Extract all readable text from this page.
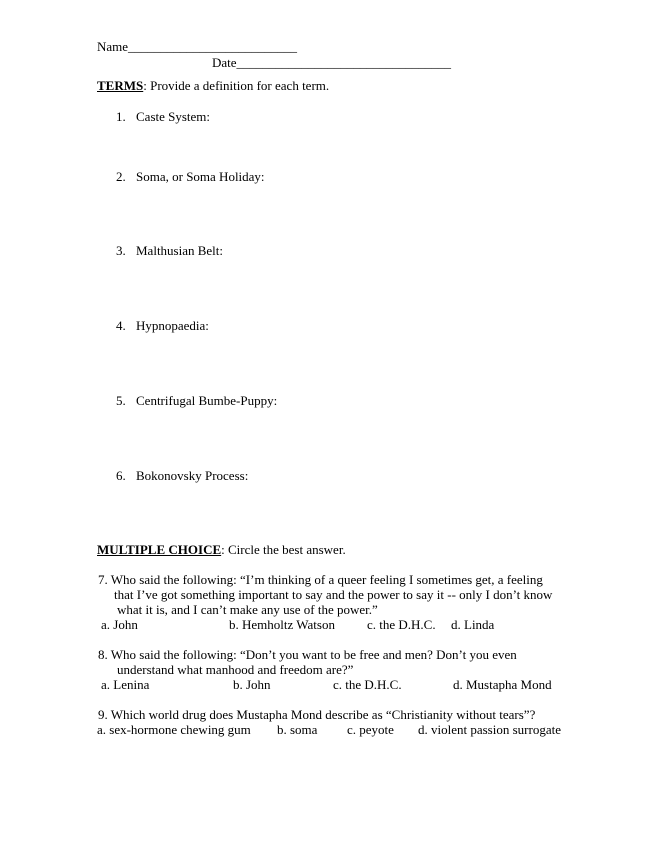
Name__________________________
Date_________________________________
TERMS: Provide a definition for each term.
1. Caste System:
2. Soma, or Soma Holiday:
3. Malthusian Belt:
4. Hypnopaedia:
5. Centrifugal Bumbe-Puppy:
6. Bokonovsky Process:
MULTIPLE CHOICE: Circle the best answer.
7. Who said the following: “I’m thinking of a queer feeling I sometimes get, a feeling
that I’ve got something important to say and the power to say it -- only I don’t know
what it is, and I can’t make any use of the power.”
a. John	b. Hemholtz Watson c. the D.H.C. d. Linda
8. Who said the following: “Don’t you want to be free and men? Don’t you even
understand what manhood and freedom are?”
a. Lenina	b. John	c. the D.H.C.	d. Mustapha Mond
9. Which world drug does Mustapha Mond describe as “Christianity without tears”?
a. sex-hormone chewing gum b. soma c. peyote d. violent passion surrogate
